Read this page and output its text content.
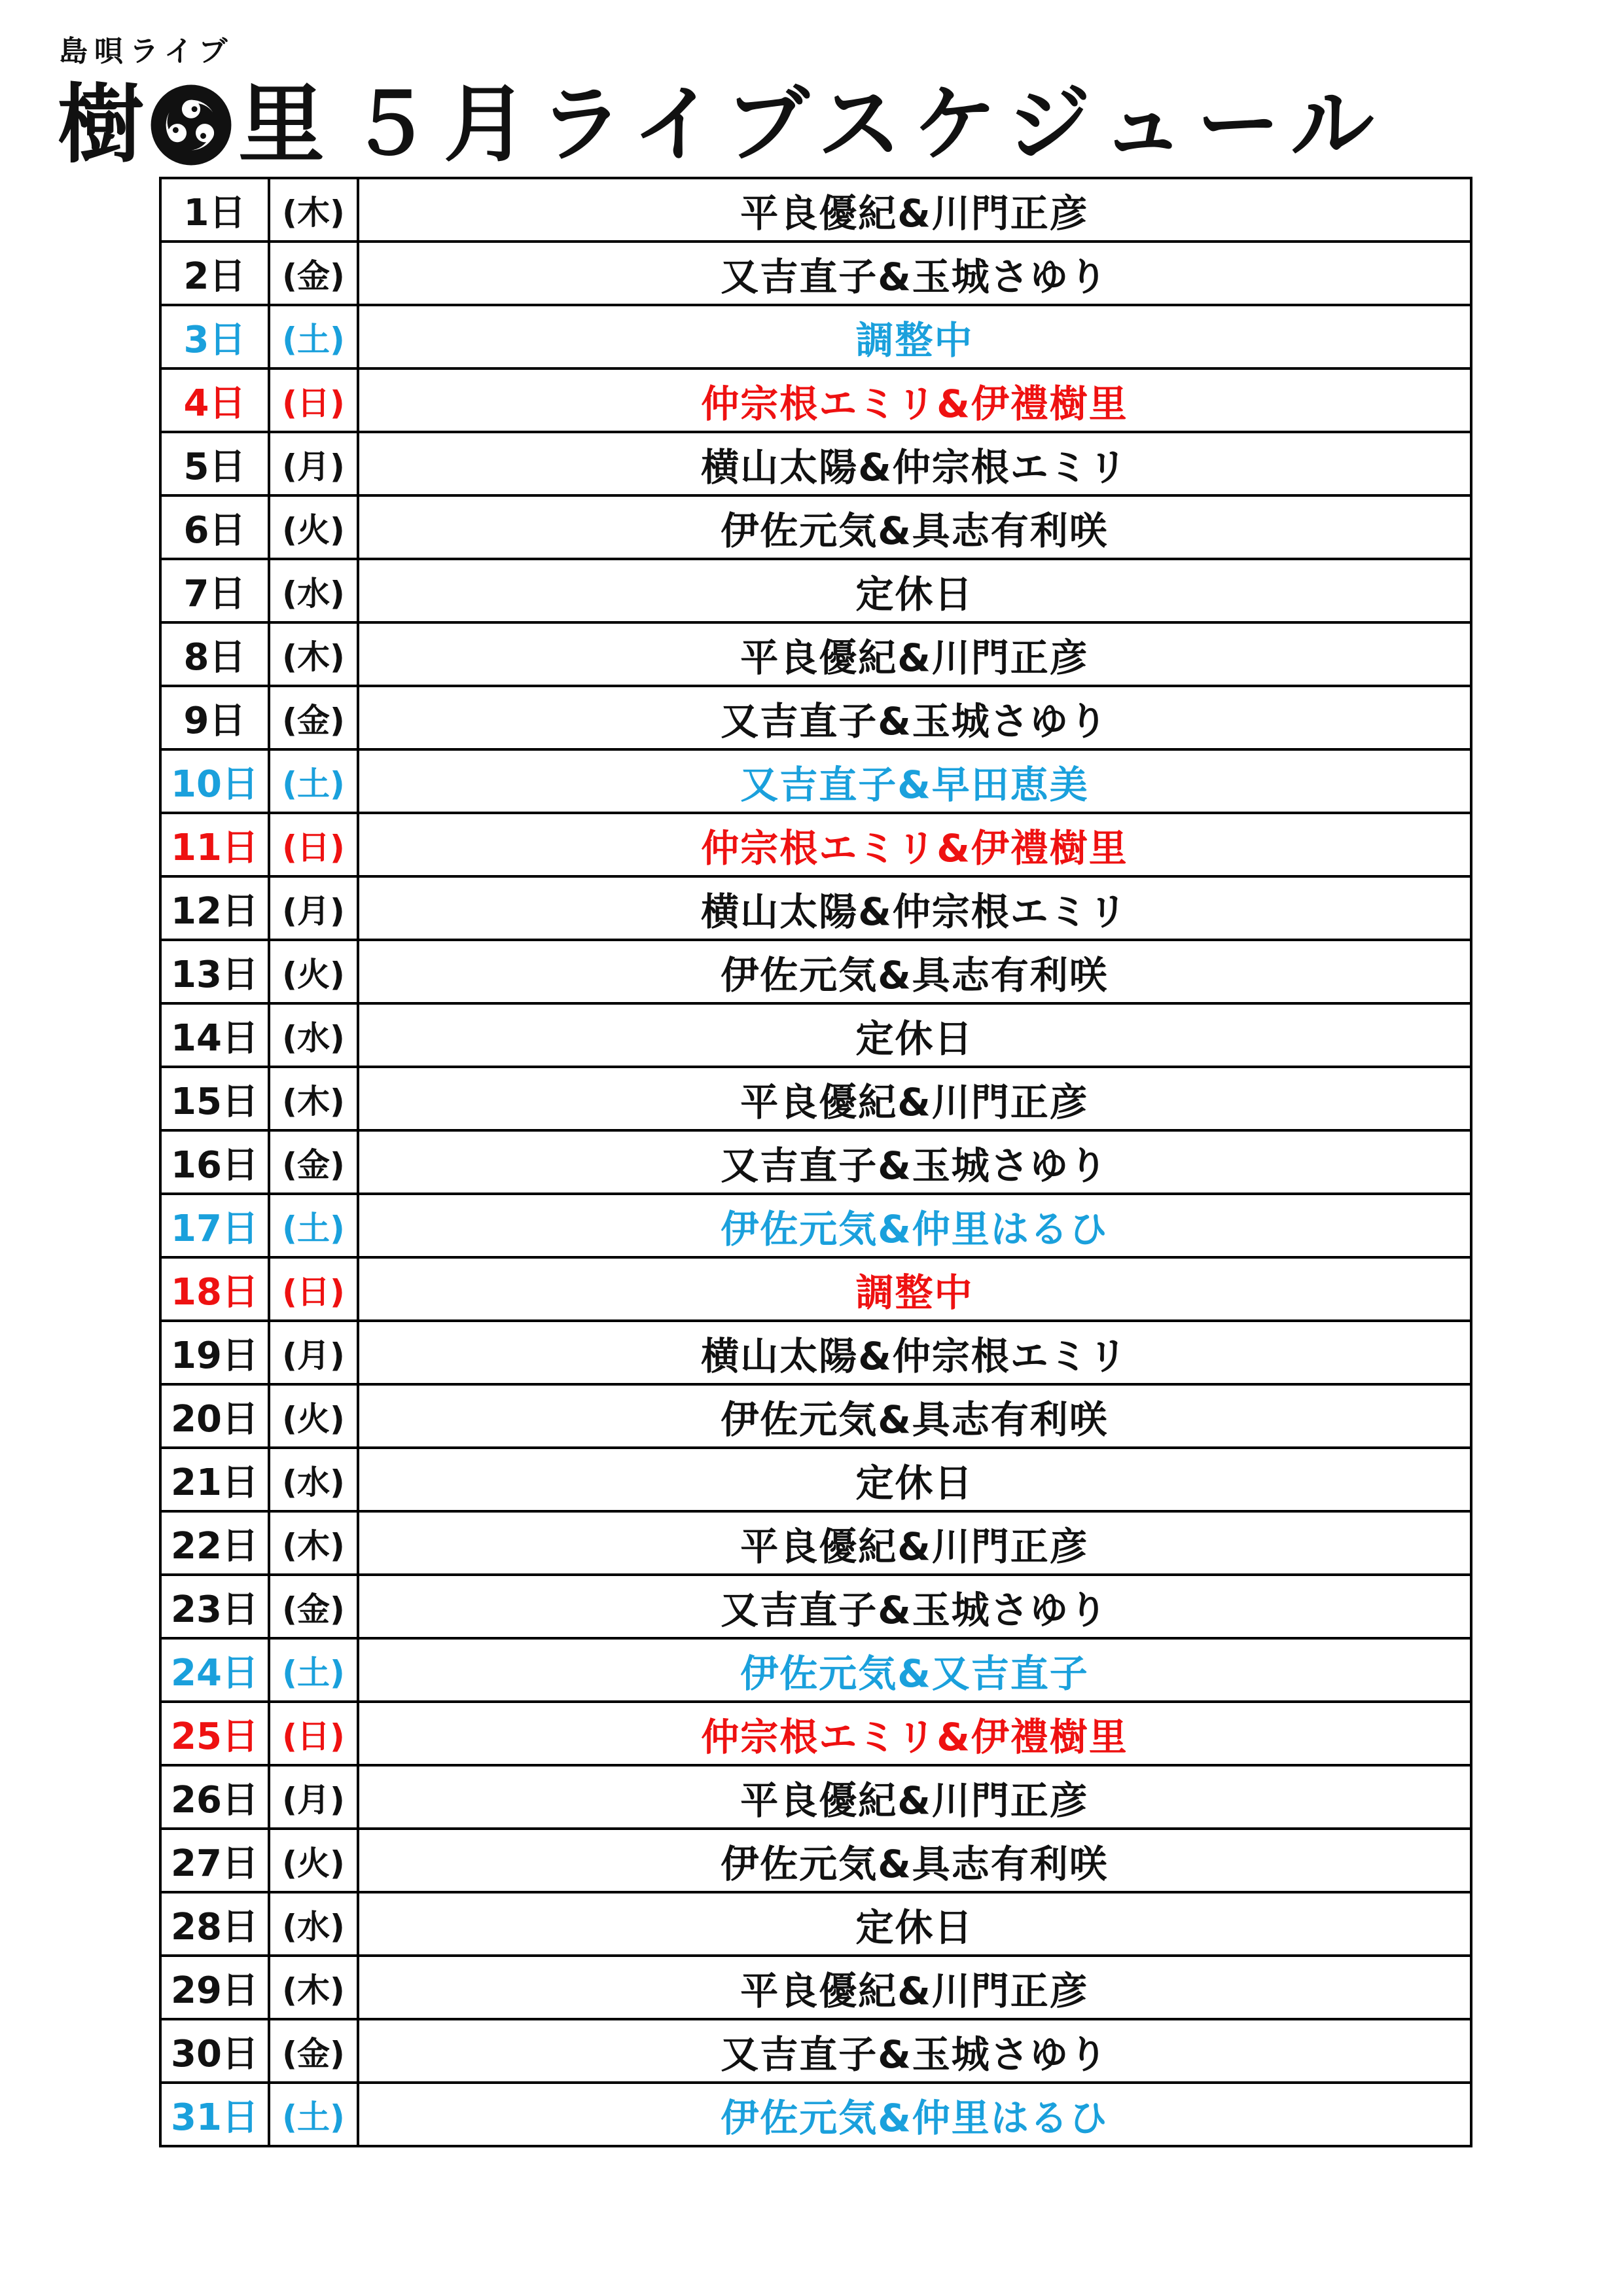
島唄ライブ
樹 里 ５月ライブスケジュール
1日	(木)	平良優紀&川門正彦
2日	(金)	又吉直子&玉城さゆり
3日	(土)	調整中
4日	(日)	仲宗根エミリ&伊禮樹里
5日	(月)	横山太陽&仲宗根エミリ
6日	(火)	伊佐元気&具志有利咲
7日	(水)	定休日
8日	(木)	平良優紀&川門正彦
9日	(金)	又吉直子&玉城さゆり
10日	(土)	又吉直子&早田恵美
11日	(日)	仲宗根エミリ&伊禮樹里
12日	(月)	横山太陽&仲宗根エミリ
13日	(火)	伊佐元気&具志有利咲
14日	(水)	定休日
15日	(木)	平良優紀&川門正彦
16日	(金)	又吉直子&玉城さゆり
17日	(土)	伊佐元気&仲里はるひ
18日	(日)	調整中
19日	(月)	横山太陽&仲宗根エミリ
20日	(火)	伊佐元気&具志有利咲
21日	(水)	定休日
22日	(木)	平良優紀&川門正彦
23日	(金)	又吉直子&玉城さゆり
24日	(土)	伊佐元気&又吉直子
25日	(日)	仲宗根エミリ&伊禮樹里
26日	(月)	平良優紀&川門正彦
27日	(火)	伊佐元気&具志有利咲
28日	(水)	定休日
29日	(木)	平良優紀&川門正彦
30日	(金)	又吉直子&玉城さゆり
31日	(土)	伊佐元気&仲里はるひ
